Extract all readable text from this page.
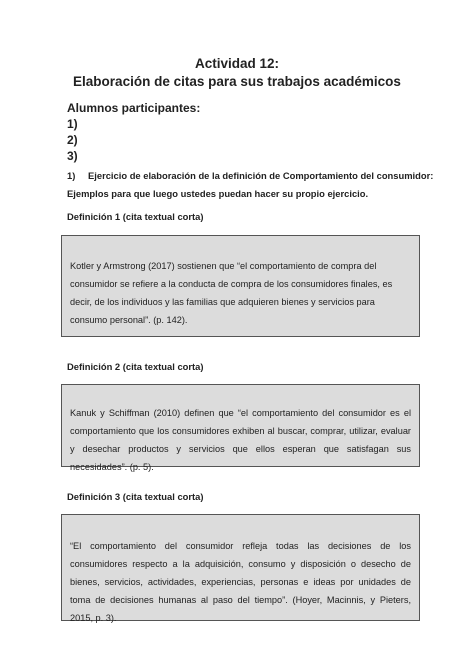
Actividad 12:
Elaboración de citas para sus trabajos académicos
Alumnos participantes:
1)
2)
3)
1) Ejercicio de elaboración de la definición de Comportamiento del consumidor:
Ejemplos para que luego ustedes puedan hacer su propio ejercicio.
Definición 1 (cita textual corta)

Kotler y Armstrong (2017) sostienen que “el comportamiento de compra del consumidor se refiere a la conducta de compra de los consumidores finales, es decir, de los individuos y las familias que adquieren bienes y servicios para consumo personal”. (p. 142).

Definición 2 (cita textual corta)

Kanuk y Schiffman (2010) definen que “el comportamiento del consumidor es el comportamiento que los consumidores exhiben al buscar, comprar, utilizar, evaluar y desechar productos y servicios que ellos esperan que satisfagan sus necesidades”. (p. 5).

Definición 3 (cita textual corta)

“El comportamiento del consumidor refleja todas las decisiones de los consumidores respecto a la adquisición, consumo y disposición o desecho de bienes, servicios, actividades, experiencias, personas e ideas por unidades de toma de decisiones humanas al paso del tiempo”. (Hoyer, Macinnis, y Pieters, 2015, p. 3).
